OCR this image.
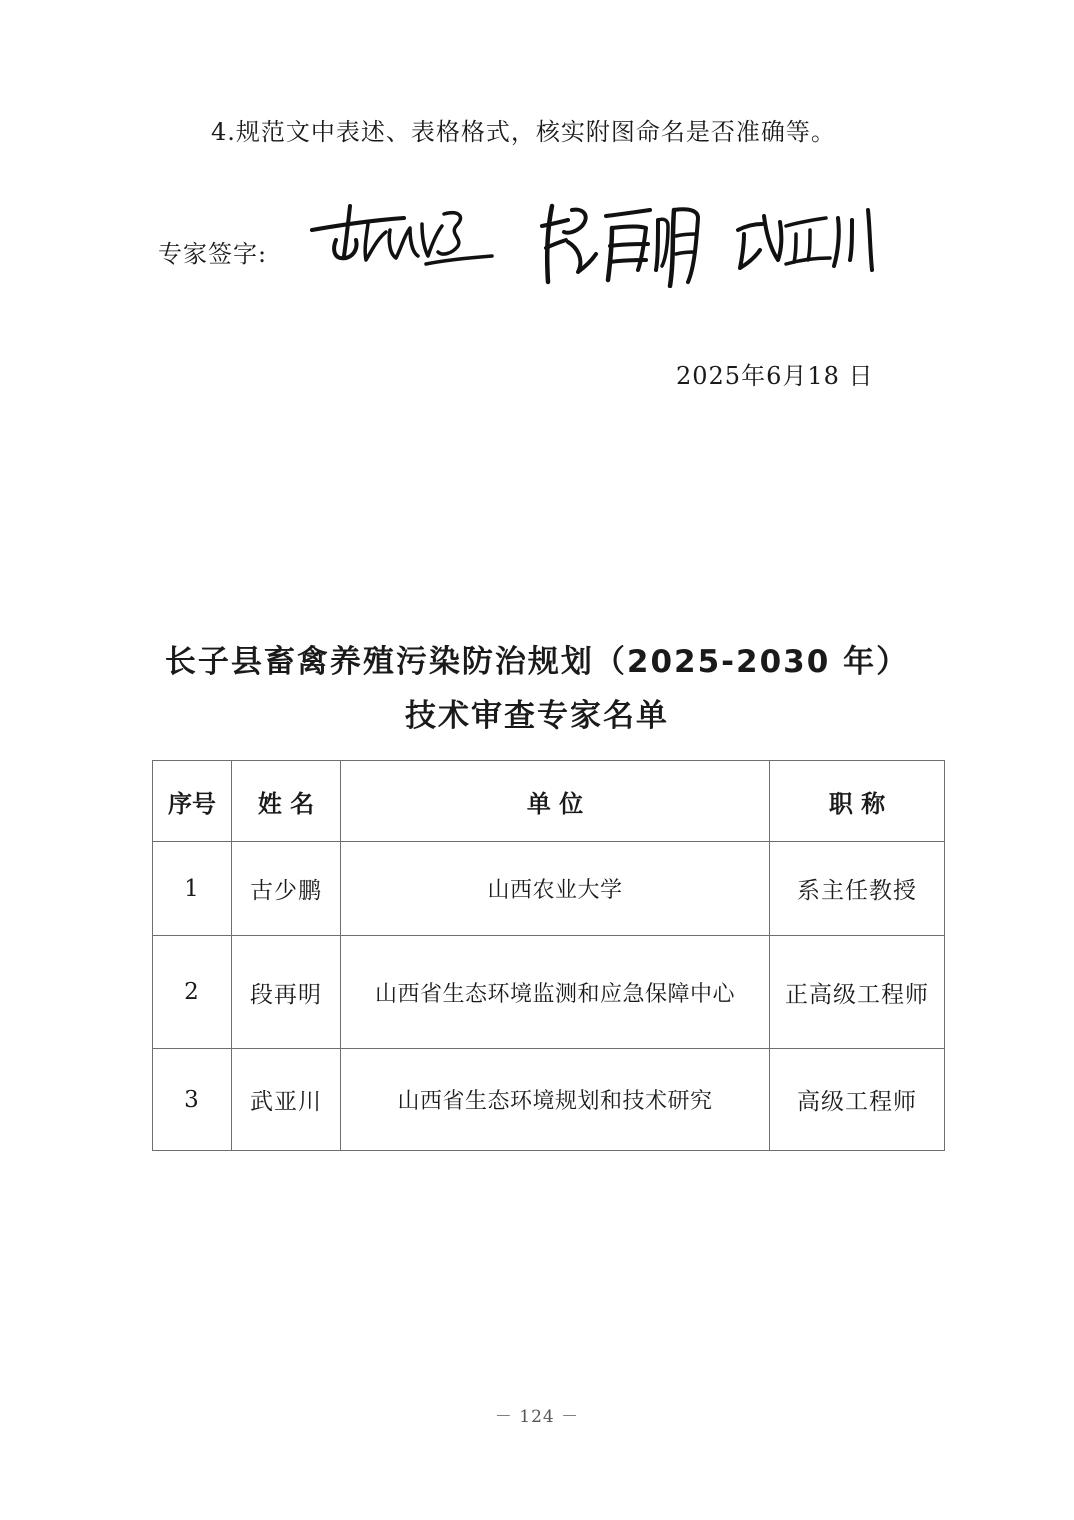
4.规范文中表述、表格格式，核实附图命名是否准确等。
专家签字:
2025年6月18 日
长子县畜禽养殖污染防治规划（2025-2030 年）
技术审查专家名单
序号	姓 名	单 位	职 称
1	古少鹏	山西农业大学	系主任教授
2	段再明	山西省生态环境监测和应急保障中心	正高级工程师
3	武亚川	山西省生态环境规划和技术研究	高级工程师
－ 124 －
